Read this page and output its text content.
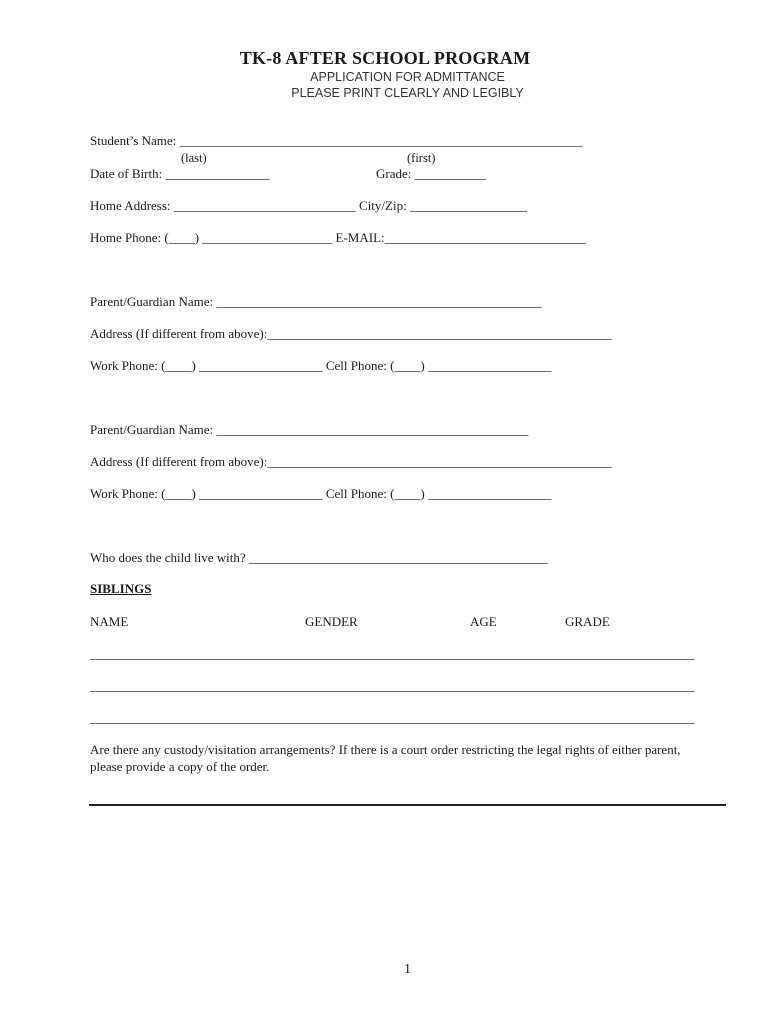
TK-8 AFTER SCHOOL PROGRAM
APPLICATION FOR ADMITTANCE
PLEASE PRINT CLEARLY AND LEGIBLY
Student’s Name: ______________________________________________________________
(last)	(first)
Date of Birth: ________________	Grade: ___________
Home Address: ____________________________ City/Zip: __________________
Home Phone: (____) ____________________ E-MAIL:_______________________________
Parent/Guardian Name: __________________________________________________
Address (If different from above):_____________________________________________________
Work Phone: (____) ___________________ Cell Phone: (____) ___________________
Parent/Guardian Name: ________________________________________________
Address (If different from above):_____________________________________________________
Work Phone: (____) ___________________ Cell Phone: (____) ___________________
Who does the child live with? ______________________________________________
SIBLINGS
NAME	GENDER	AGE	GRADE
_____________________________________________________________________________________________
_____________________________________________________________________________________________
_____________________________________________________________________________________________
Are there any custody/visitation arrangements? If there is a court order restricting the legal rights of either parent,
please provide a copy of the order.
1
